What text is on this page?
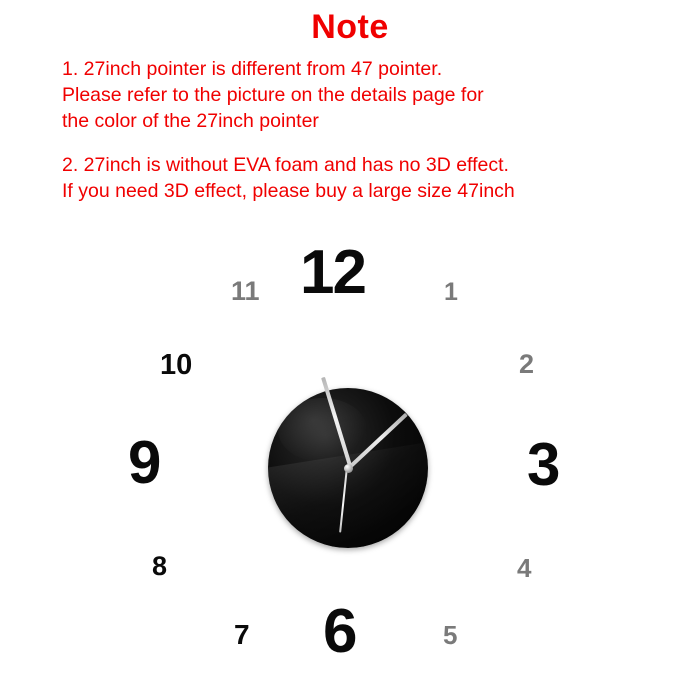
Note

1. 27inch pointer is different from 47 pointer.
Please refer to the picture on the details page for
the color of the 27inch pointer

2. 27inch is without EVA foam and has no 3D effect.
If you need 3D effect, please buy a large size 47inch

12
11	1
10	2
9	3
8	4
7	5
6
